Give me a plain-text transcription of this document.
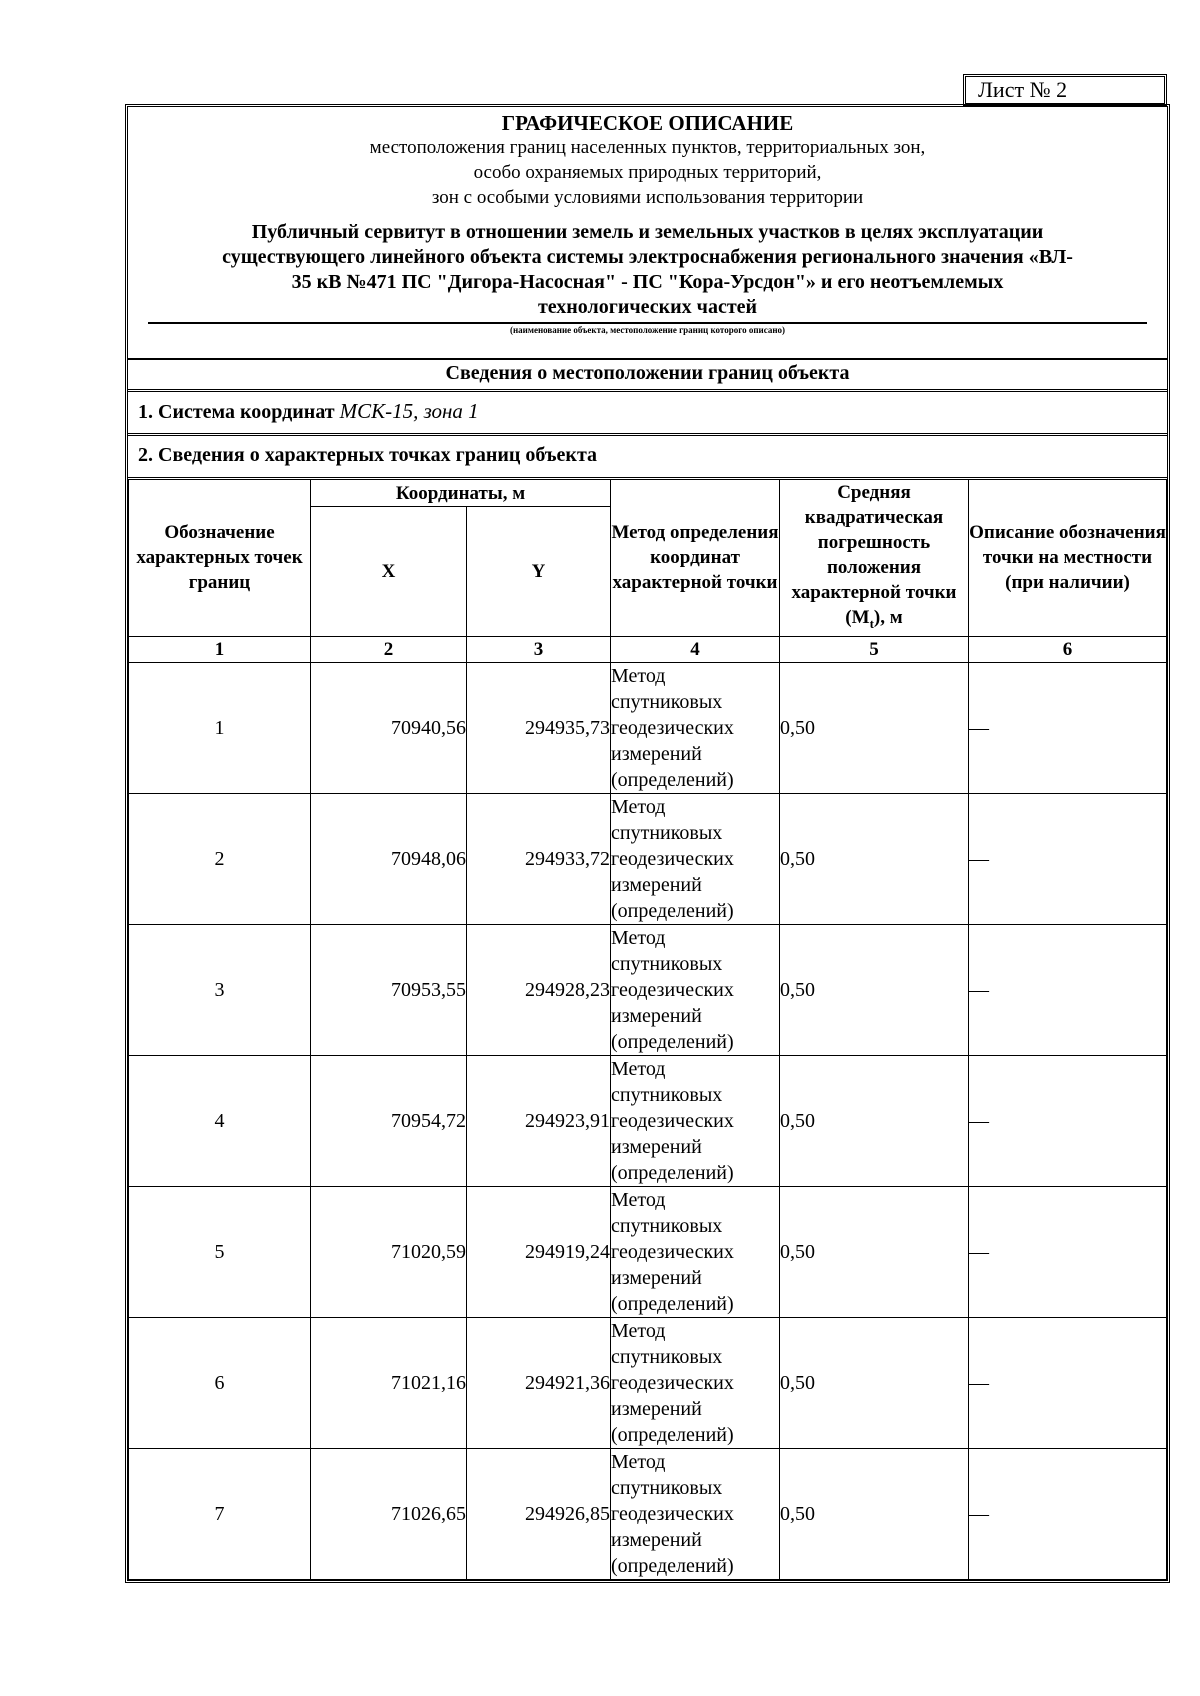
Лист № 2
ГРАФИЧЕСКОЕ ОПИСАНИЕ
местоположения границ населенных пунктов, территориальных зон,
особо охраняемых природных территорий,
зон с особыми условиями использования территории
Публичный сервитут в отношении земель и земельных участков в целях эксплуатации
существующего линейного объекта системы электроснабжения регионального значения «ВЛ-
35 кВ №471 ПС "Дигора-Насосная" - ПС "Кора-Урсдон"» и его неотъемлемых
технологических частей
(наименование объекта, местоположение границ которого описано)
Сведения о местоположении границ объекта
1. Система координат МСК-15, зона 1
2. Сведения о характерных точках границ объекта
Обозначение характерных точек границ	Координаты, м		Метод определения координат характерной точки	Средняя квадратическая погрешность положения характерной точки $(M_t)$, м	Описание обозначения точки на местности (при наличии)
	X	Y			
1	2	3	4	5	6
1	70940,56	294935,73	Метод спутниковых геодезических измерений (определений)	0,50	—
2	70948,06	294933,72	Метод спутниковых геодезических измерений (определений)	0,50	—
3	70953,55	294928,23	Метод спутниковых геодезических измерений (определений)	0,50	—
4	70954,72	294923,91	Метод спутниковых геодезических измерений (определений)	0,50	—
5	71020,59	294919,24	Метод спутниковых геодезических измерений (определений)	0,50	—
6	71021,16	294921,36	Метод спутниковых геодезических измерений (определений)	0,50	—
7	71026,65	294926,85	Метод спутниковых геодезических измерений (определений)	0,50	—
